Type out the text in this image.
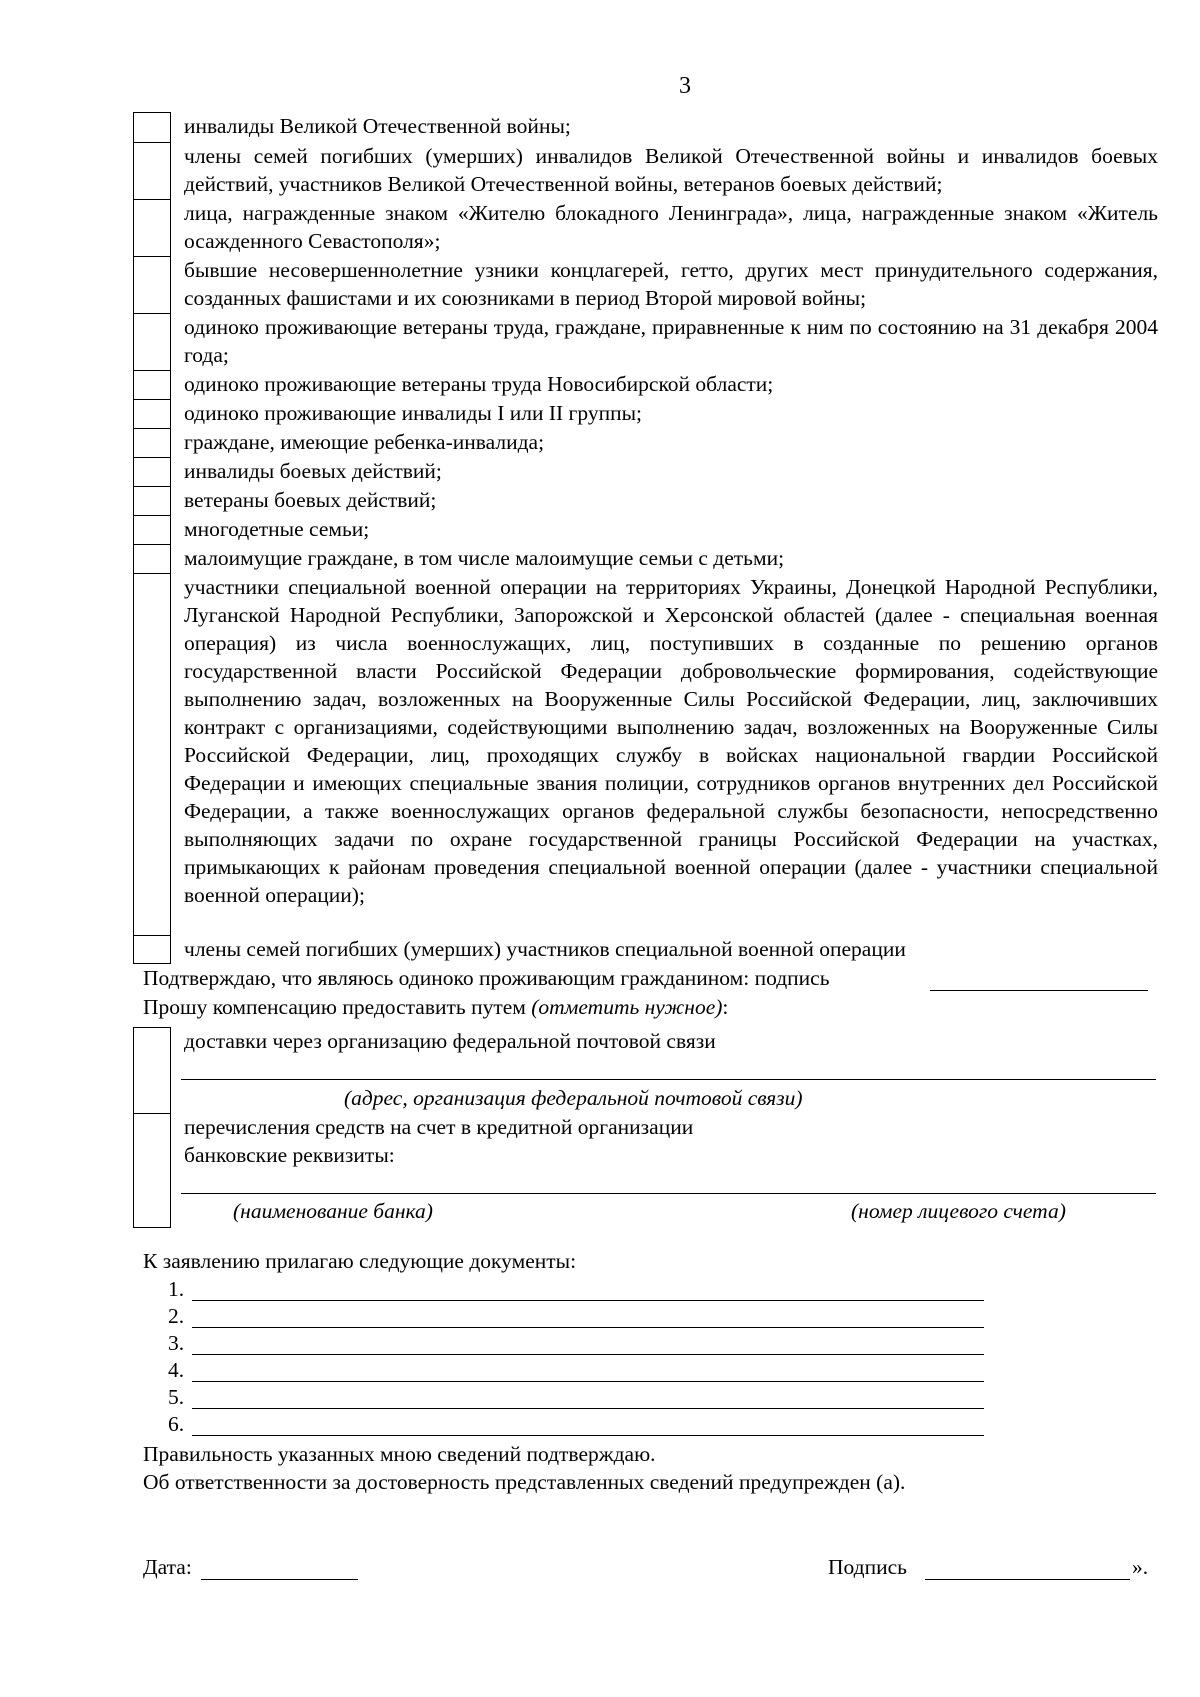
3
инвалиды Великой Отечественной войны;
члены семей погибших (умерших) инвалидов Великой Отечественной войны и инвалидов боевых действий, участников Великой Отечественной войны, ветеранов боевых действий;
лица, награжденные знаком «Жителю блокадного Ленинграда», лица, награжденные знаком «Житель осажденного Севастополя»;
бывшие несовершеннолетние узники концлагерей, гетто, других мест принудительного содержания, созданных фашистами и их союзниками в период Второй мировой войны;
одиноко проживающие ветераны труда, граждане, приравненные к ним по состоянию на 31 декабря 2004 года;
одиноко проживающие ветераны труда Новосибирской области;
одиноко проживающие инвалиды I или II группы;
граждане, имеющие ребенка-инвалида;
инвалиды боевых действий;
ветераны боевых действий;
многодетные семьи;
малоимущие граждане, в том числе малоимущие семьи с детьми;
участники специальной военной операции на территориях Украины, Донецкой Народной Республики, Луганской Народной Республики, Запорожской и Херсонской областей (далее - специальная военная операция) из числа военнослужащих, лиц, поступивших в созданные по решению органов государственной власти Российской Федерации добровольческие формирования, содействующие выполнению задач, возложенных на Вооруженные Силы Российской Федерации, лиц, заключивших контракт с организациями, содействующими выполнению задач, возложенных на Вооруженные Силы Российской Федерации, лиц, проходящих службу в войсках национальной гвардии Российской Федерации и имеющих специальные звания полиции, сотрудников органов внутренних дел Российской Федерации, а также военнослужащих органов федеральной службы безопасности, непосредственно выполняющих задачи по охране государственной границы Российской Федерации на участках, примыкающих к районам проведения специальной военной операции (далее - участники специальной военной операции);
члены семей погибших (умерших) участников специальной военной операции
Подтверждаю, что являюсь одиноко проживающим гражданином: подпись
Прошу компенсацию предоставить путем (отметить нужное):
доставки через организацию федеральной почтовой связи
(адрес, организация федеральной почтовой связи)
перечисления средств на счет в кредитной организации
банковские реквизиты:
(наименование банка)	(номер лицевого счета)
К заявлению прилагаю следующие документы:
1.
2.
3.
4.
5.
6.
Правильность указанных мною сведений подтверждаю.
Об ответственности за достоверность представленных сведений предупрежден (а).
Дата:	Подпись	».
